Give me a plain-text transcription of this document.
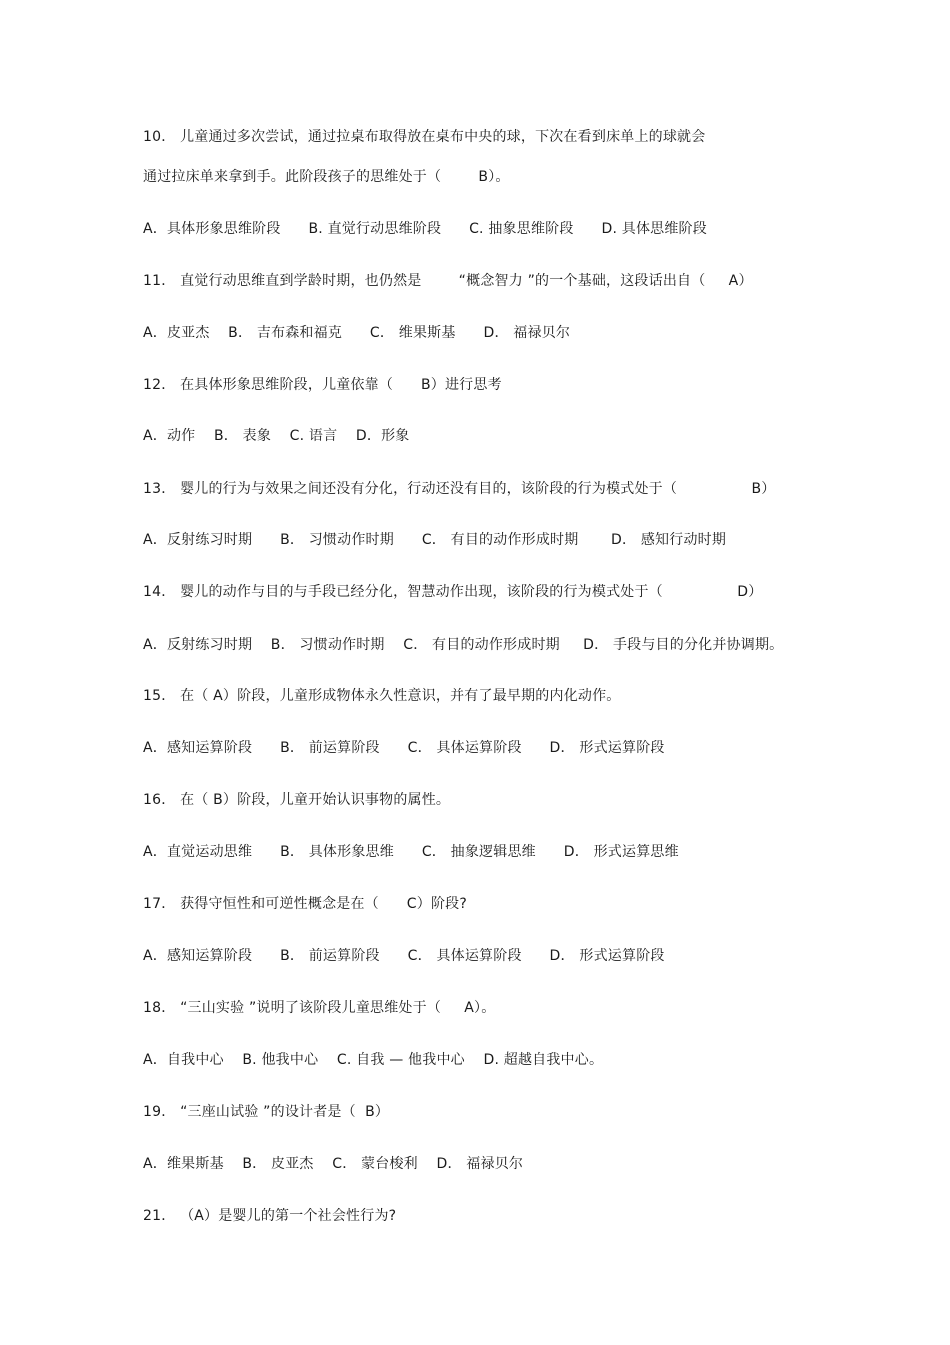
10． 儿童通过多次尝试，通过拉桌布取得放在桌布中央的球，下次在看到床单上的球就会
通过拉床单来拿到手。此阶段孩子的思维处于（        B）。
A．具体形象思维阶段      B. 直觉行动思维阶段      C. 抽象思维阶段      D. 具体思维阶段
11． 直觉行动思维直到学龄时期，也仍然是        “概念智力 ”的一个基础，这段话出自（     A）
A．皮亚杰    B． 吉布森和福克      C． 维果斯基      D． 福禄贝尔
12． 在具体形象思维阶段，儿童依靠（      B）进行思考
A．动作    B． 表象    C. 语言    D．形象
13． 婴儿的行为与效果之间还没有分化，行动还没有目的，该阶段的行为模式处于（                B）
A．反射练习时期      B． 习惯动作时期      C． 有目的动作形成时期       D． 感知行动时期
14． 婴儿的动作与目的与手段已经分化，智慧动作出现，该阶段的行为模式处于（                D）
A．反射练习时期    B． 习惯动作时期    C． 有目的动作形成时期     D． 手段与目的分化并协调期。
15． 在（ A）阶段，儿童形成物体永久性意识，并有了最早期的内化动作。
A．感知运算阶段      B． 前运算阶段      C． 具体运算阶段      D． 形式运算阶段
16． 在（ B）阶段，儿童开始认识事物的属性。
A．直觉运动思维      B． 具体形象思维      C． 抽象逻辑思维      D． 形式运算思维
17． 获得守恒性和可逆性概念是在（      C）阶段?
A．感知运算阶段      B． 前运算阶段      C． 具体运算阶段      D． 形式运算阶段
18． “三山实验 ”说明了该阶段儿童思维处于（     A）。
A．自我中心    B. 他我中心    C. 自我 — 他我中心    D. 超越自我中心。
19． “三座山试验 ”的设计者是（  B）
A．维果斯基    B． 皮亚杰    C． 蒙台梭利    D． 福禄贝尔
21． （A）是婴儿的第一个社会性行为?
